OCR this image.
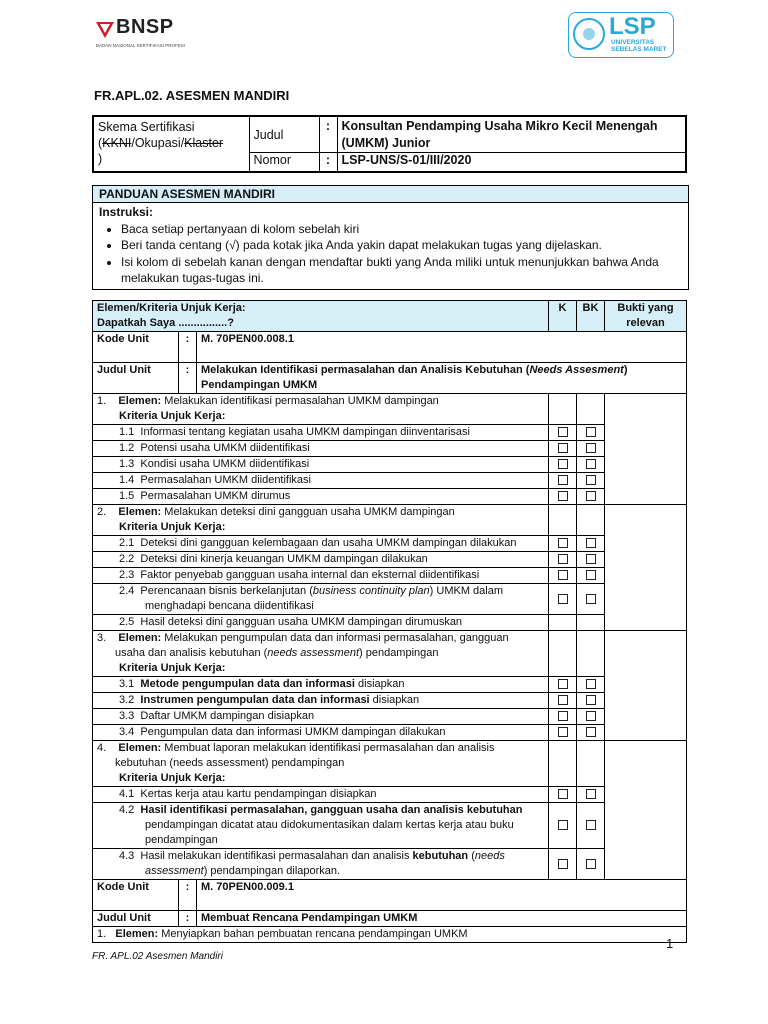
BNSP
BADAN NASIONAL SERTIFIKASI PROFESI
LSP
UNIVERSITAS
SEBELAS MARET
FR.APL.02. ASESMEN MANDIRI
Skema Sertifikasi
(KKNI/Okupasi/Klaster
)	Judul	:	Konsultan Pendamping Usaha Mikro Kecil Menengah (UMKM) Junior
	Nomor	:	LSP-UNS/S-01/III/2020
PANDUAN ASESMEN MANDIRI
Instruksi:
• Baca setiap pertanyaan di kolom sebelah kiri
• Beri tanda centang (√) pada kotak jika Anda yakin dapat melakukan tugas yang dijelaskan.
• Isi kolom di sebelah kanan dengan mendaftar bukti yang Anda miliki untuk menunjukkan bahwa Anda melakukan tugas-tugas ini.
Elemen/Kriteria Unjuk Kerja:
Dapatkah Saya ................?			K	BK	Bukti yang
relevan
Kode Unit	:	M. 70PEN00.008.1			
Judul Unit	:	Melakukan Identifikasi permasalahan dan Analisis Kebutuhan (Needs Assesment)
Pendampingan UMKM			
1. Elemen: Melakukan identifikasi permasalahan UMKM dampingan
Kriteria Unjuk Kerja:					
1.1 Informasi tentang kegiatan usaha UMKM dampingan diinventarisasi					
1.2 Potensi usaha UMKM diidentifikasi					
1.3 Kondisi usaha UMKM diidentifikasi					
1.4 Permasalahan UMKM diidentifikasi					
1.5 Permasalahan UMKM dirumus					
2. Elemen: Melakukan deteksi dini gangguan usaha UMKM dampingan
Kriteria Unjuk Kerja:					
2.1 Deteksi dini gangguan kelembagaan dan usaha UMKM dampingan dilakukan					
2.2 Deteksi dini kinerja keuangan UMKM dampingan dilakukan					
2.3 Faktor penyebab gangguan usaha internal dan eksternal diidentifikasi					
2.4 Perencanaan bisnis berkelanjutan (business continuity plan) UMKM dalam
menghadapi bencana diidentifikasi					
2.5 Hasil deteksi dini gangguan usaha UMKM dampingan dirumuskan					
3. Elemen: Melakukan pengumpulan data dan informasi permasalahan, gangguan
usaha dan analisis kebutuhan (needs assessment) pendampingan
Kriteria Unjuk Kerja:					
3.1 Metode pengumpulan data dan informasi disiapkan					
3.2 Instrumen pengumpulan data dan informasi disiapkan					
3.3 Daftar UMKM dampingan disiapkan					
3.4 Pengumpulan data dan informasi UMKM dampingan dilakukan					
4. Elemen: Membuat laporan melakukan identifikasi permasalahan dan analisis
kebutuhan (needs assessment) pendampingan
Kriteria Unjuk Kerja:					
4.1 Kertas kerja atau kartu pendampingan disiapkan					
4.2 Hasil identifikasi permasalahan, gangguan usaha dan analisis kebutuhan
pendampingan dicatat atau didokumentasikan dalam kertas kerja atau buku
pendampingan					
4.3 Hasil melakukan identifikasi permasalahan dan analisis kebutuhan (needs
assessment) pendampingan dilaporkan.					
Kode Unit	:	M. 70PEN00.009.1			
Judul Unit	:	Membuat Rencana Pendampingan UMKM			
1. Elemen: Menyiapkan bahan pembuatan rencana pendampingan UMKM					
1
FR. APL.02 Asesmen Mandiri
